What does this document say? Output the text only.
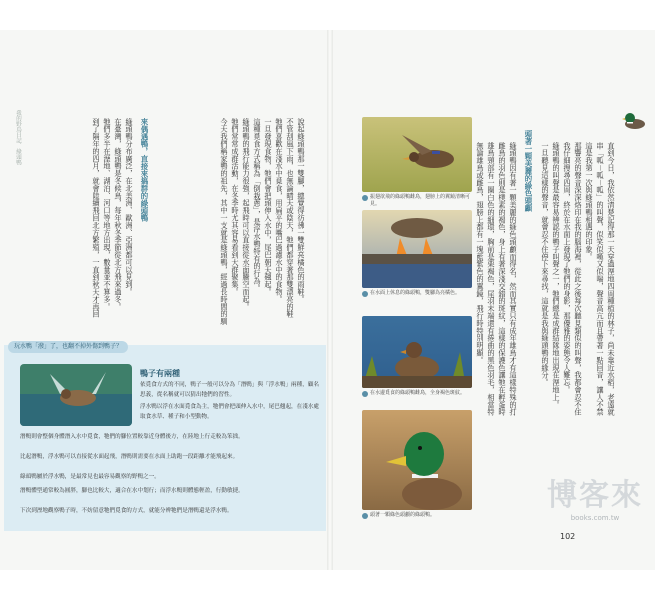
直到今日，我依然清楚記得那一天穿過溼地四周種植的林子，尚未靠近水稻，老遠就
串「呱－呱－呱」的叫聲，似笑似嘆又似喘，聲音高亢而且帶著一點回音，讓人不禁
這是我第一次與綠頭鴨相遇的印象。
那響亮的聲音深深烙印在我的腦海裡，從此之後每次聽見類似的叫聲，我都會忍不住
我仔細搜尋四周，終於在水面上發現了牠們的身影，那優雅的姿態令人難忘。
綠頭鴨的叫聲是最容易辨認的鴨子叫聲之一，牠們總是成群結隊地出現在溼地上。
一旦聽見這樣的聲音，就會忍不住停下來尋找，這就是我與綠頭鴨的緣分。
頭著一顆美麗的綠色頭顱
綠頭鴨因有著一顆美麗的綠色頭顱而得名，然而其實只有成年雄鳥才有這樣特殊的打
雌鳥的羽色則是樸素的褐色，身上有著深淺交錯的斑紋，這樣的保護色讓牠在孵蛋時
雄鳥頸部有一圈白色的細環，胸前是栗褐色，尾羽末端還有捲曲的黑色羽毛，相當特
無論雄鳥或雌鳥，翅膀上都有一塊藍紫色的翼鏡，飛行時特別明顯。
振翅欲飛的綠頭鴨雌鳥，翅膀上的翼鏡清晰可見。
在水面上休息的綠頭鴨，雙腳為亮橘色。
在水邊覓食的綠頭鴨雌鳥，全身褐色斑紋。
頭著一顆綠色頭顱的綠頭鴨。
102
我的野鳥日記．綠頭鴨	說起綠頭鴨那一雙腳，總覺得彷彿一雙鮮亮橘色的雨鞋。
不管刮風下雨，也無論晴天或陰天，牠們都穿著那雙漂亮的鞋
牠們喜歡在淺水中覓食，用扁平的嘴巴過濾水中的食物。
一旦發現食物，牠們會把頭伸入水中，尾巴朝天翹起。
這種覓食方式稱為「倒栽蔥」，是浮水鴨特有的行為。
綠頭鴨的飛行能力很強，起飛時可以直接從水面騰空而起。
牠們常常成群活動，在冬季時尤其容易看到大群聚集。
今天我們稱家鴨的祖先，其中一支就是綠頭鴨，經過長時間的馴
來偶遇鴨，直接來搞群的綠頭鴨
綠頭鴨分布廣泛，在北美洲、歐洲、亞洲都可以見到。
在臺灣，綠頭鴨是冬候鳥，每年秋冬季節從北方飛來過冬。
牠們多半在溼地、湖泊、河口等地方出現，數量並不算多。
到了隔年的四月，就會陸續飛回北方繁殖，一直到秋天才再回
玩水鴨「潑」了，也翻不掉外傷到鴨子？
鴨子有兩種
依覓食方式的不同，鴨子一般可以分為「潛鴨」與「浮水鴨」兩種，顧名思義，從名稱就可以猜出牠們的習性。
浮水鴨以浮在水面覓食為主，牠們會把頭伸入水中，尾巴翹起，在淺水處取食水草、種子和小型動物。
潛鴨則會整個身體潛入水中覓食，牠們的腳位置較靠近身體後方，在陸地上行走較為笨拙。
比起潛鴨，浮水鴨可以直接從水面起飛，潛鴨則需要在水面上助跑一段距離才能飛起來。
綠頭鴨屬於浮水鴨，是最常見也最容易觀察的野鴨之一。
潛鴨體型通常較為圓胖，腳也比較大，適合在水中划行；而浮水鴨則體態輕盈，行動敏捷。
下次到溼地觀察鴨子時，不妨留意牠們覓食的方式，就能分辨牠們是潛鴨還是浮水鴨。	博客來
books.com.tw
